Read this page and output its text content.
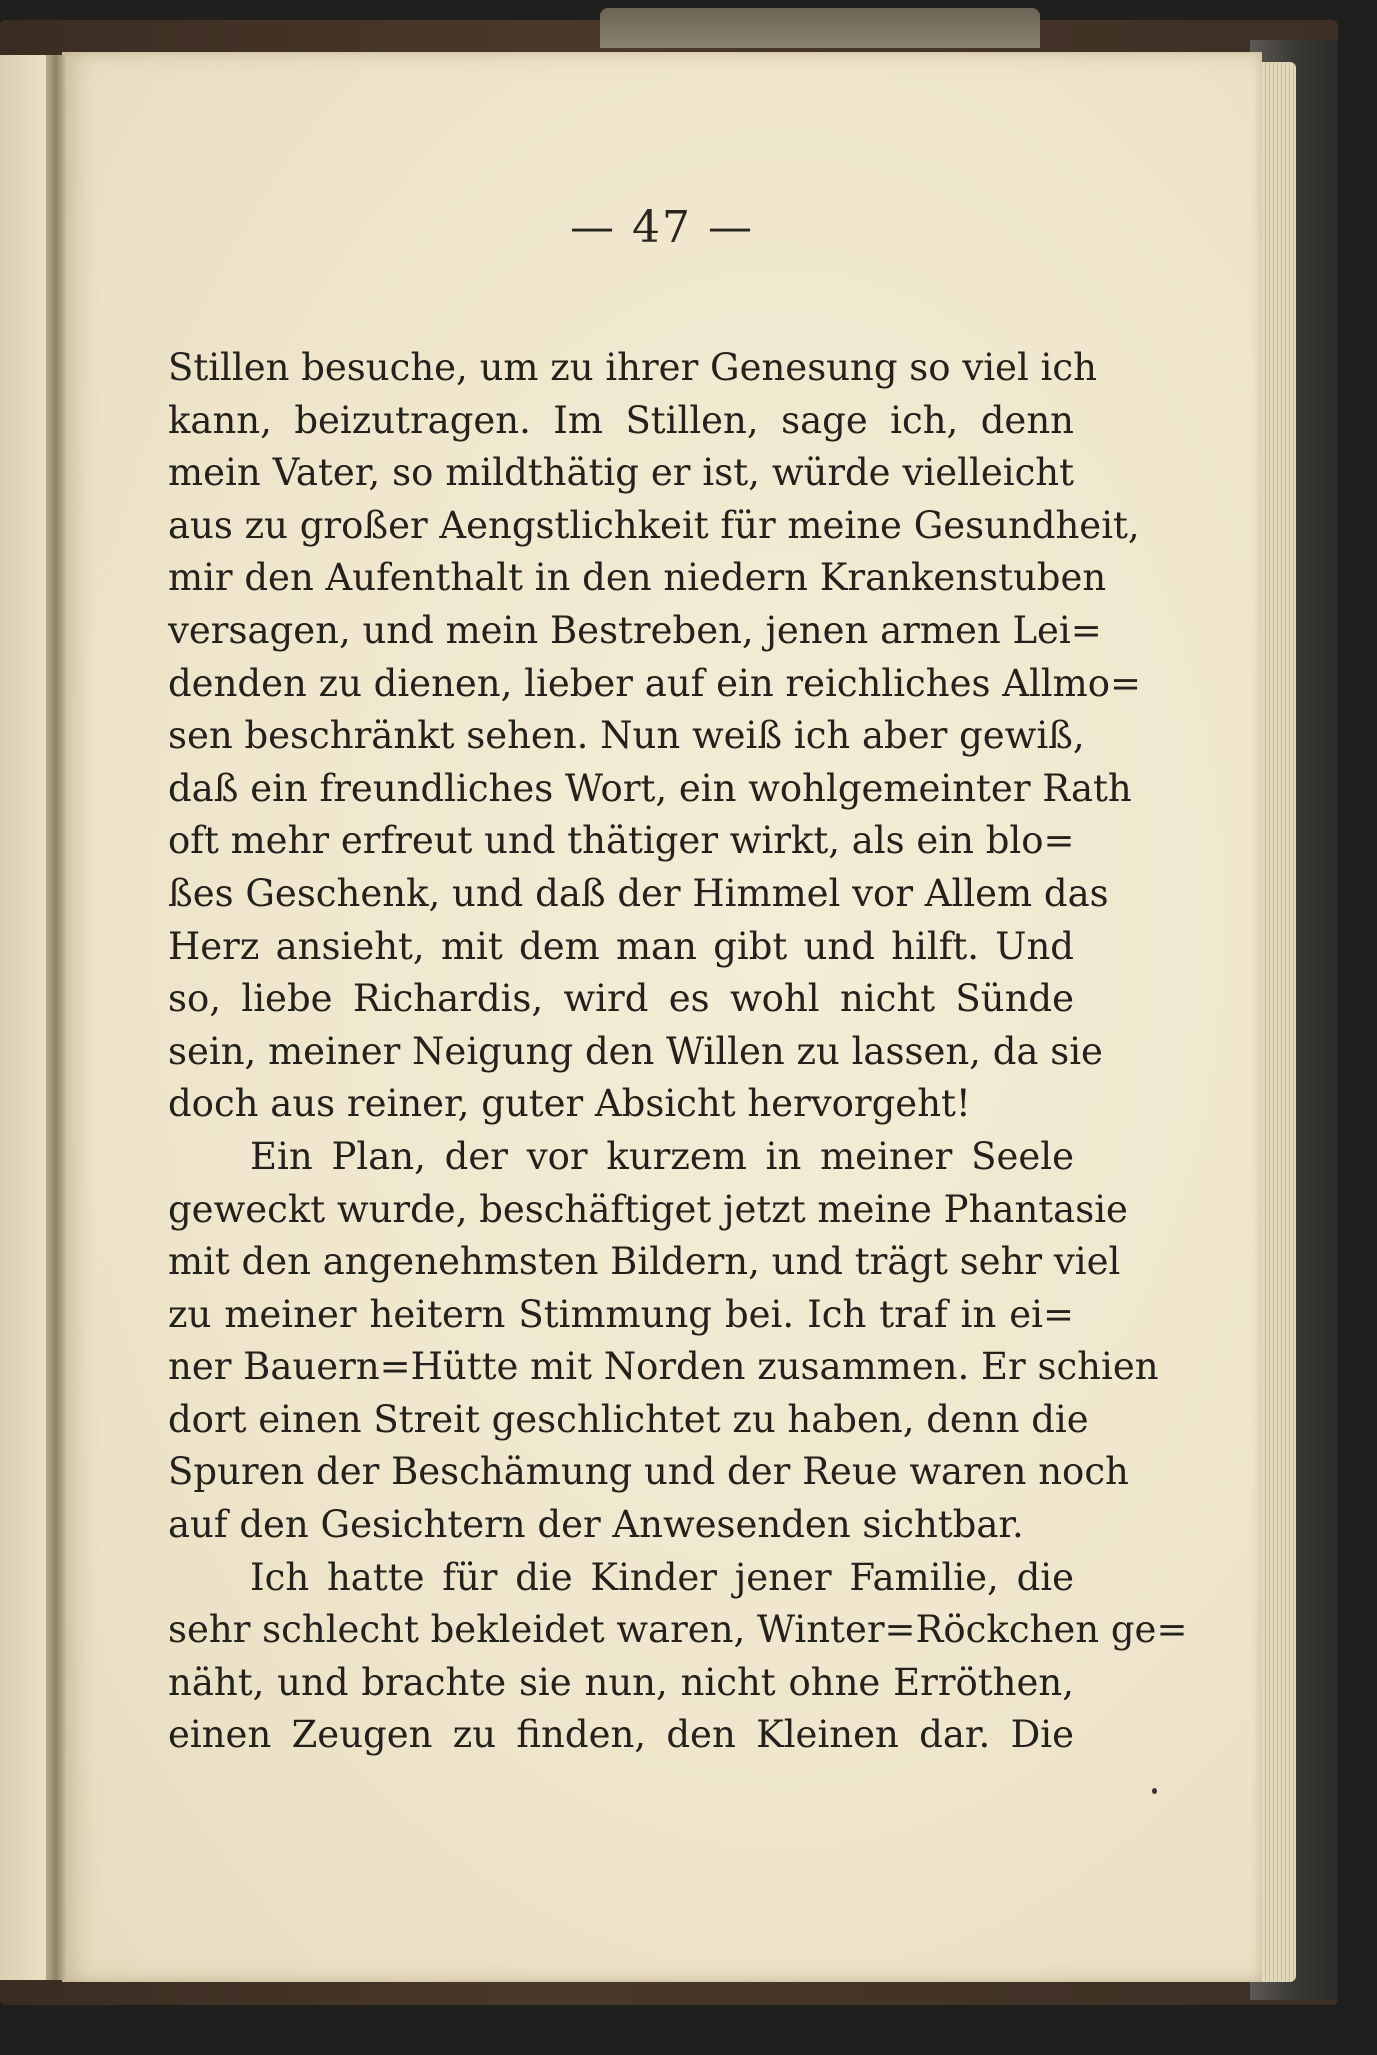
— 47 —
Stillen besuche, um zu ihrer Genesung so viel ich
kann, beizutragen. Im Stillen, sage ich, denn
mein Vater, so mildthätig er ist, würde vielleicht
aus zu großer Aengstlichkeit für meine Gesundheit,
mir den Aufenthalt in den niedern Krankenstuben
versagen, und mein Bestreben, jenen armen Lei=
denden zu dienen, lieber auf ein reichliches Allmo=
sen beschränkt sehen. Nun weiß ich aber gewiß,
daß ein freundliches Wort, ein wohlgemeinter Rath
oft mehr erfreut und thätiger wirkt, als ein blo=
ßes Geschenk, und daß der Himmel vor Allem das
Herz ansieht, mit dem man gibt und hilft. Und
so, liebe Richardis, wird es wohl nicht Sünde
sein, meiner Neigung den Willen zu lassen, da sie
doch aus reiner, guter Absicht hervorgeht!
Ein Plan, der vor kurzem in meiner Seele
geweckt wurde, beschäftiget jetzt meine Phantasie
mit den angenehmsten Bildern, und trägt sehr viel
zu meiner heitern Stimmung bei. Ich traf in ei=
ner Bauern=Hütte mit Norden zusammen. Er schien
dort einen Streit geschlichtet zu haben, denn die
Spuren der Beschämung und der Reue waren noch
auf den Gesichtern der Anwesenden sichtbar.
Ich hatte für die Kinder jener Familie, die
sehr schlecht bekleidet waren, Winter=Röckchen ge=
näht, und brachte sie nun, nicht ohne Erröthen,
einen Zeugen zu finden, den Kleinen dar. Die
